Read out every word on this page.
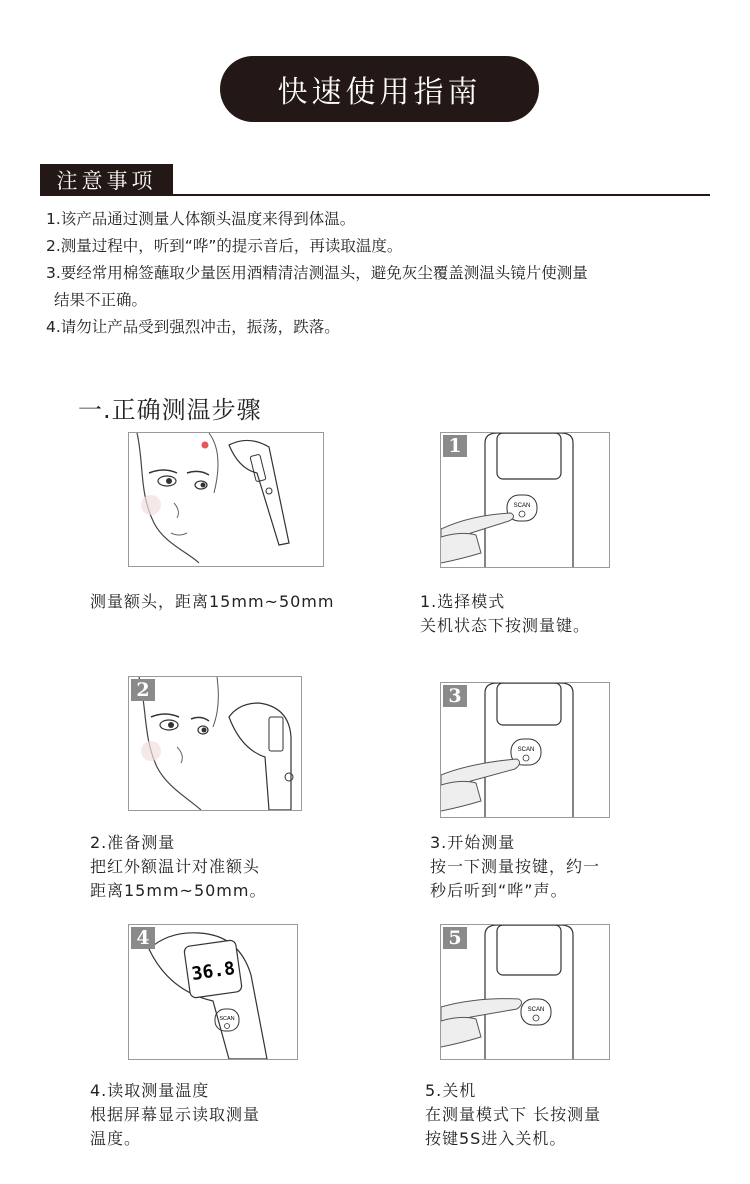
快速使用指南
注意事项
1.该产品通过测量人体额头温度来得到体温。
2.测量过程中，听到“哗”的提示音后，再读取温度。
3.要经常用棉签蘸取少量医用酒精清洁测温头，避免灰尘覆盖测温头镜片使测量
结果不正确。
4.请勿让产品受到强烈冲击，振荡，跌落。
一.正确测温步骤
测量额头，距离15mm~50mm
SCAN
1
1.选择模式
关机状态下按测量键。
2
2.准备测量
把红外额温计对准额头
距离15mm~50mm。
SCAN
3
3.开始测量
按一下测量按键，约一
秒后听到“哗”声。
36.8
SCAN
4
4.读取测量温度
根据屏幕显示读取测量
温度。
SCAN
5
5.关机
在测量模式下 长按测量
按键5S进入关机。
